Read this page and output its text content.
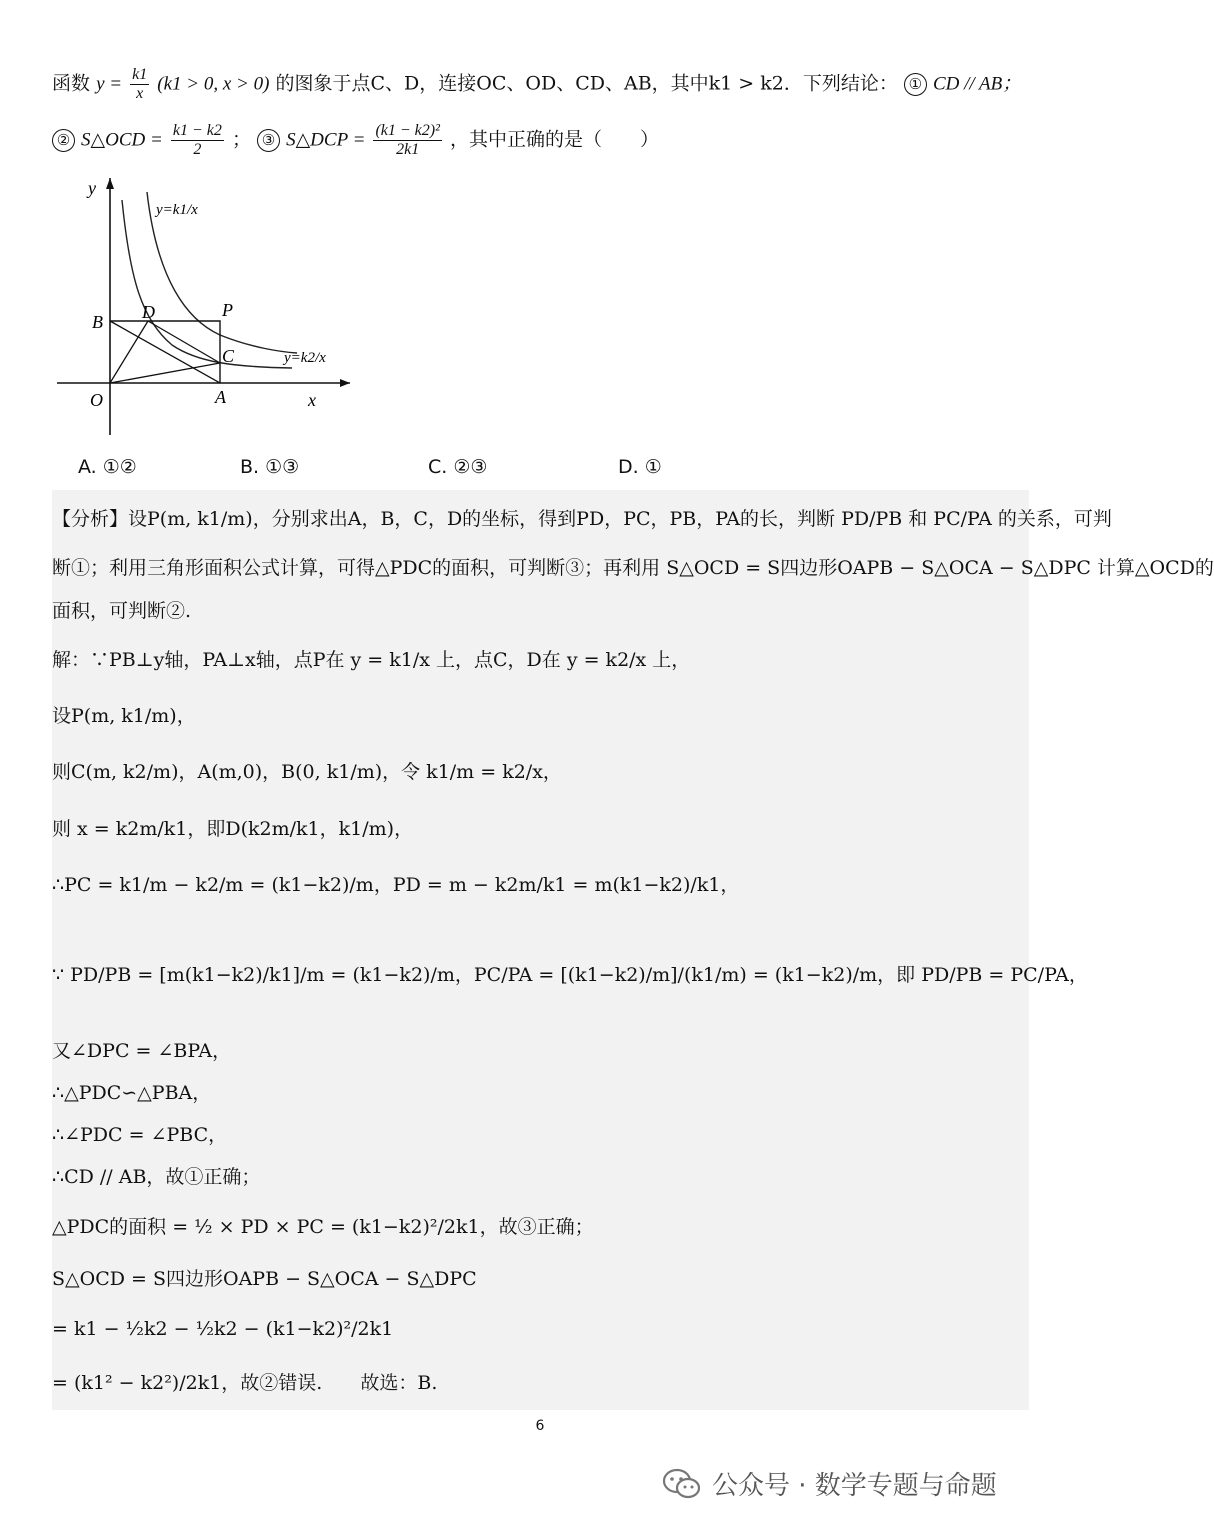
函数 $y = \frac{k1}{x} (k1 > 0$, x > 0) 的图象于点C、D，连接OC、OD、CD、AB，其中k1 > k2．下列结论： ① CD // AB；
② S△OCD = $\frac{k1 - k2}{2}$ ； ③ S△DCP = $\frac{\text{(k1 − k2)²}}{2k1}$ ，其中正确的是（　　）
y
x
O
B D	P
C
A
y=k1/x
y=k2/x
A. ①②	B. ①③	C. ②③	D. ①
【分析】设P(m, k1/m)，分别求出A，B，C，D的坐标，得到PD，PC，PB，PA的长，判断 PD/PB 和 PC/PA 的关系，可判
断①；利用三角形面积公式计算，可得△PDC的面积，可判断③；再利用 S△OCD = S四边形OAPB − S△OCA − S△DPC 计算△OCD的
面积，可判断②.
解：∵PB⊥y轴，PA⊥x轴，点P在 y = k1/x 上，点C，D在 y = k2/x 上，
设P(m, k1/m)，
则C(m, k2/m)，A(m,0)，B(0, k1/m)，令 k1/m = k2/x，
则 x = k2m/k1，即D(k2m/k1，k1/m)，
∴PC = k1/m − k2/m = (k1−k2)/m，PD = m − k2m/k1 = m(k1−k2)/k1，
∵ PD/PB = [m(k1−k2)/k1]/m = (k1−k2)/m，PC/PA = [(k1−k2)/m]/(k1/m) = (k1−k2)/m，即 PD/PB = PC/PA，
又∠DPC = ∠BPA，
∴△PDC∽△PBA，
∴∠PDC = ∠PBC，
∴CD // AB，故①正确；
△PDC的面积 = ½ × PD × PC = (k1−k2)²/2k1，故③正确；
S△OCD = S四边形OAPB − S△OCA − S△DPC
= k1 − ½k2 − ½k2 − (k1−k2)²/2k1
= (k1² − k2²)/2k1，故②错误.　　故选：B.
6
公众号 · 数学专题与命题
